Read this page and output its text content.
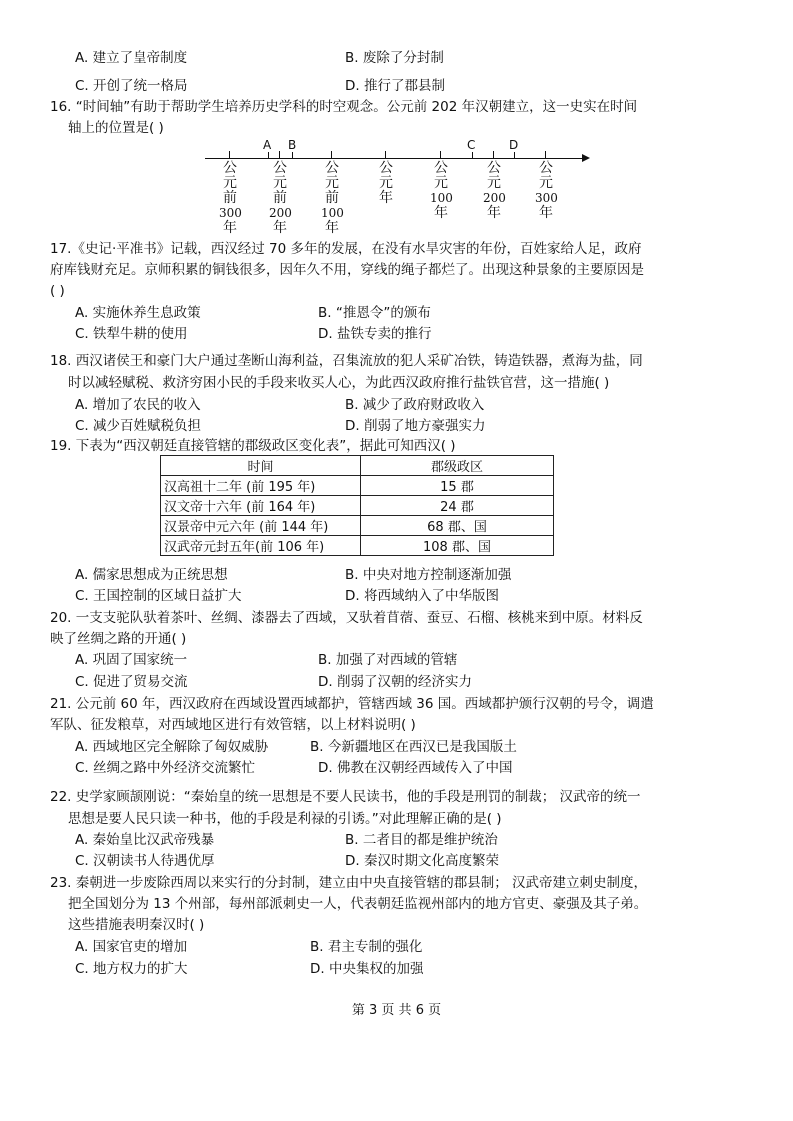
A. 建立了皇帝制度	B. 废除了分封制
C. 开创了统一格局	D. 推行了郡县制
16. “时间轴”有助于帮助学生培养历史学科的时空观念。公元前 202 年汉朝建立，这一史实在时间
轴上的位置是( )
A B	C	D
公
元
前
300
年
公
元
前
200
年
公
元
前
100
年
公
元
年
公
元
100
年
公
元
200
年
公
元
300
年
17.《史记·平准书》记载，西汉经过 70 多年的发展，在没有水旱灾害的年份，百姓家给人足，政府
府库钱财充足。京师积累的铜钱很多，因年久不用，穿线的绳子都烂了。出现这种景象的主要原因是
( )
A. 实施休养生息政策	B. “推恩令”的颁布
C. 铁犁牛耕的使用	D. 盐铁专卖的推行
18. 西汉诸侯王和豪门大户通过垄断山海利益，召集流放的犯人采矿冶铁，铸造铁器，煮海为盐，同
时以减轻赋税、救济穷困小民的手段来收买人心，为此西汉政府推行盐铁官营，这一措施( )
A. 增加了农民的收入	B. 减少了政府财政收入
C. 减少百姓赋税负担	D. 削弱了地方豪强实力
19. 下表为“西汉朝廷直接管辖的郡级政区变化表”，据此可知西汉( )
时间	郡级政区
汉高祖十二年 (前 195 年)	15 郡
汉文帝十六年 (前 164 年)	24 郡
汉景帝中元六年 (前 144 年)	68 郡、国
汉武帝元封五年(前 106 年)	108 郡、国
A. 儒家思想成为正统思想	B. 中央对地方控制逐渐加强
C. 王国控制的区域日益扩大	D. 将西域纳入了中华版图
20. 一支支驼队驮着茶叶、丝绸、漆器去了西域，又驮着苜蓿、蚕豆、石榴、核桃来到中原。材料反
映了丝绸之路的开通( )
A. 巩固了国家统一	B. 加强了对西域的管辖
C. 促进了贸易交流	D. 削弱了汉朝的经济实力
21. 公元前 60 年，西汉政府在西域设置西域都护，管辖西域 36 国。西域都护颁行汉朝的号令，调遣
军队、征发粮草，对西域地区进行有效管辖，以上材料说明( )
A. 西域地区完全解除了匈奴威胁	B. 今新疆地区在西汉已是我国版土
C. 丝绸之路中外经济交流繁忙	D. 佛教在汉朝经西域传入了中国
22. 史学家顾颉刚说：“秦始皇的统一思想是不要人民读书，他的手段是刑罚的制裁； 汉武帝的统一
思想是要人民只读一种书，他的手段是利禄的引诱。”对此理解正确的是( )
A. 秦始皇比汉武帝残暴	B. 二者目的都是维护统治
C. 汉朝读书人待遇优厚	D. 秦汉时期文化高度繁荣
23. 秦朝进一步废除西周以来实行的分封制，建立由中央直接管辖的郡县制； 汉武帝建立刺史制度，
把全国划分为 13 个州部，每州部派刺史一人，代表朝廷监视州部内的地方官吏、豪强及其子弟。
这些措施表明秦汉时( )
A. 国家官吏的增加	B. 君主专制的强化
C. 地方权力的扩大	D. 中央集权的加强
第 3 页 共 6 页
